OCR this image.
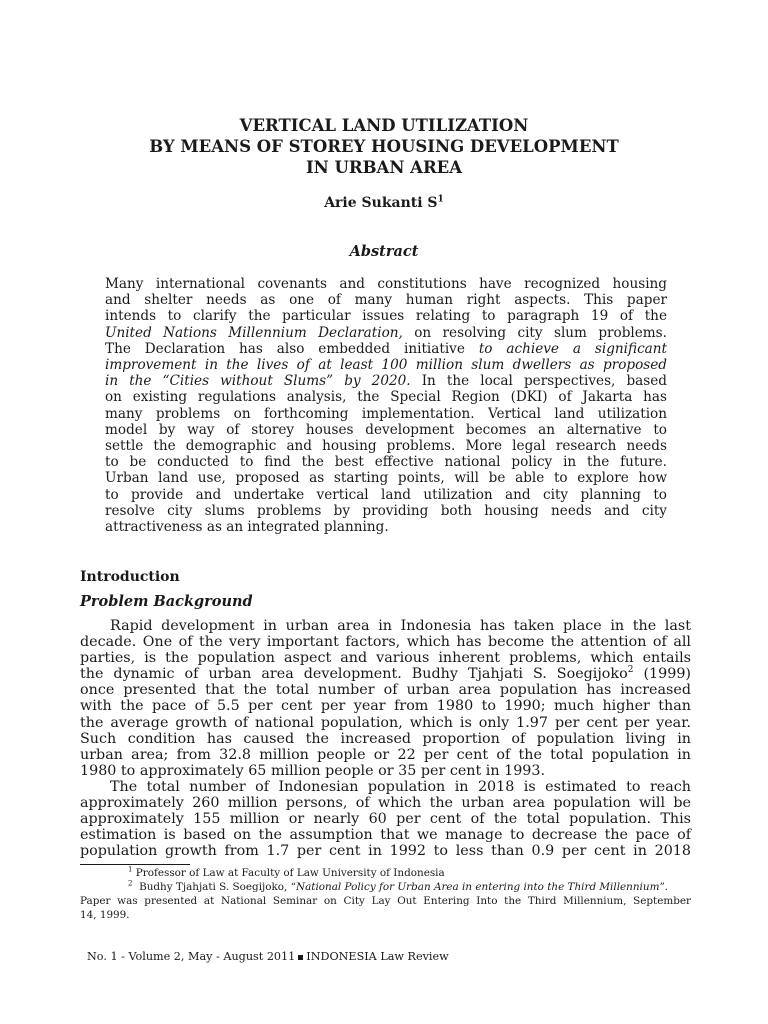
VERTICAL LAND UTILIZATION
BY MEANS OF STOREY HOUSING DEVELOPMENT
IN URBAN AREA
Arie Sukanti $S^1$
Abstract
Many international covenants and constitutions have recognized housing
and shelter needs as one of many human right aspects. This paper
intends to clarify the particular issues relating to paragraph 19 of the
United Nations Millennium Declaration, on resolving city slum problems.
The Declaration has also embedded initiative to achieve a significant
improvement in the lives of at least 100 million slum dwellers as proposed
in the “Cities without Slums” by 2020. In the local perspectives, based
on existing regulations analysis, the Special Region (DKI) of Jakarta has
many problems on forthcoming implementation. Vertical land utilization
model by way of storey houses development becomes an alternative to
settle the demographic and housing problems. More legal research needs
to be conducted to find the best effective national policy in the future.
Urban land use, proposed as starting points, will be able to explore how
to provide and undertake vertical land utilization and city planning to
resolve city slums problems by providing both housing needs and city
attractiveness as an integrated planning.
Introduction
Problem Background
Rapid development in urban area in Indonesia has taken place in the last
decade. One of the very important factors, which has become the attention of all
parties, is the population aspect and various inherent problems, which entails
the dynamic of urban area development. Budhy Tjahjati S. Soegijoko$^2$ (1999)
once presented that the total number of urban area population has increased
with the pace of 5.5 per cent per year from 1980 to 1990; much higher than
the average growth of national population, which is only 1.97 per cent per year.
Such condition has caused the increased proportion of population living in
urban area; from 32.8 million people or 22 per cent of the total population in
1980 to approximately 65 million people or 35 per cent in 1993.
The total number of Indonesian population in 2018 is estimated to reach
approximately 260 million persons, of which the urban area population will be
approximately 155 million or nearly 60 per cent of the total population. This
estimation is based on the assumption that we manage to decrease the pace of
population growth from 1.7 per cent in 1992 to less than 0.9 per cent in 2018
$^1$ Professor of Law at Faculty of Law University of Indonesia
$^2$ Budhy Tjahjati S. Soegijoko, “National Policy for Urban Area in entering into the Third Millennium”.
Paper was presented at National Seminar on City Lay Out Entering Into the Third Millennium, September
14, 1999.
No. 1 - Volume 2, May - August 2011 INDONESIA Law Review
